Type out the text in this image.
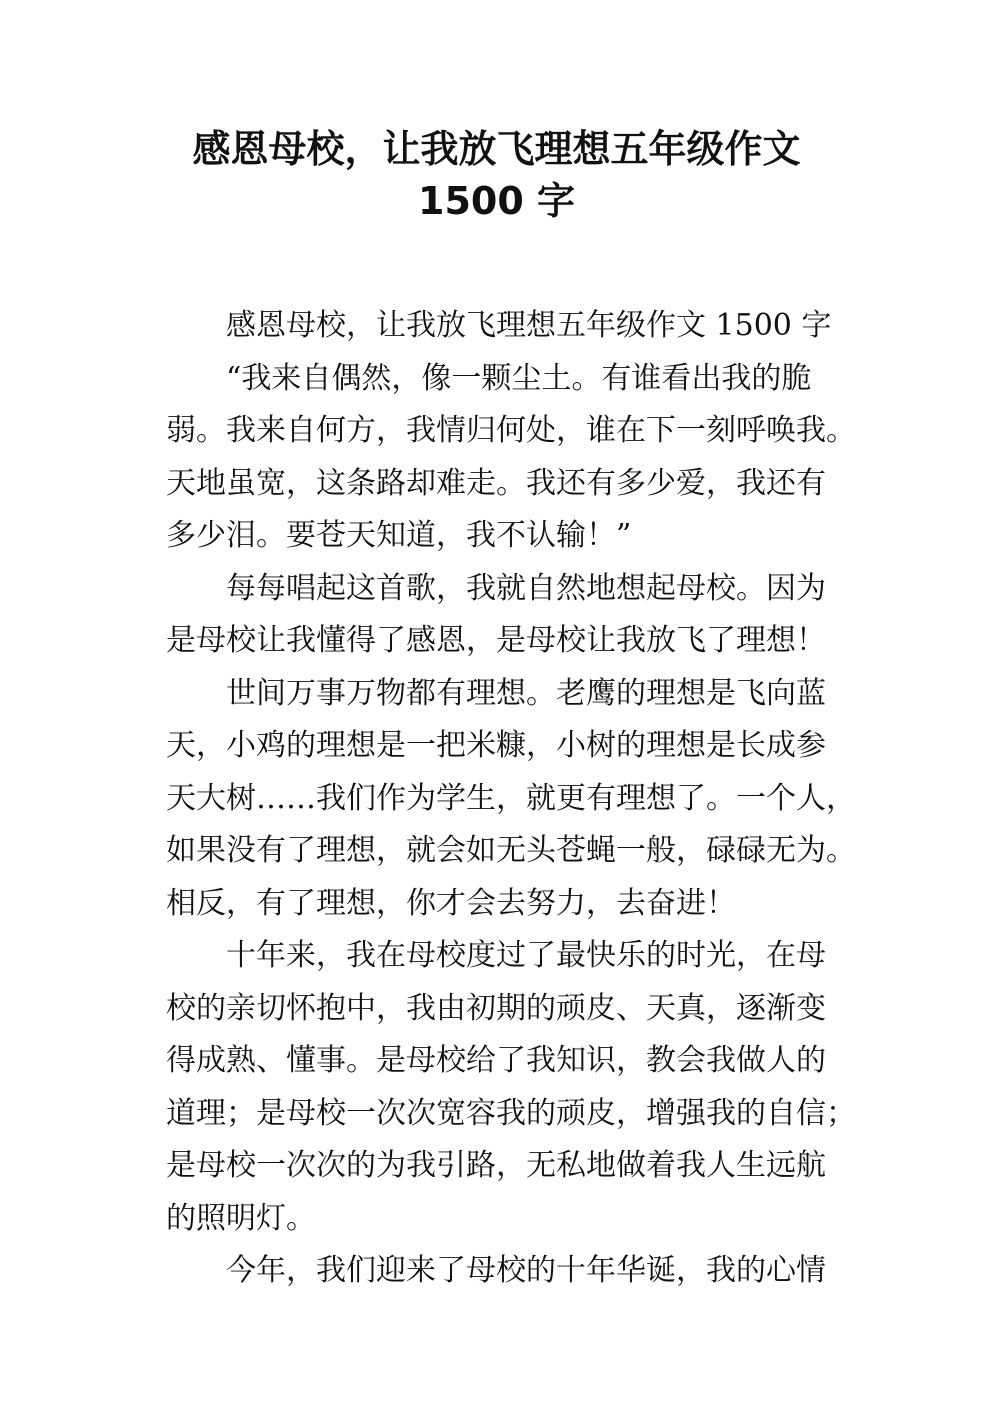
感恩母校，让我放飞理想五年级作文
1500 字
感恩母校，让我放飞理想五年级作文 1500 字
“我来自偶然，像一颗尘土。有谁看出我的脆
弱。我来自何方，我情归何处，谁在下一刻呼唤我。
天地虽宽，这条路却难走。我还有多少爱，我还有
多少泪。要苍天知道，我不认输！”
每每唱起这首歌，我就自然地想起母校。因为
是母校让我懂得了感恩，是母校让我放飞了理想！
世间万事万物都有理想。老鹰的理想是飞向蓝
天，小鸡的理想是一把米糠，小树的理想是长成参
天大树……我们作为学生，就更有理想了。一个人，
如果没有了理想，就会如无头苍蝇一般，碌碌无为。
相反，有了理想，你才会去努力，去奋进！
十年来，我在母校度过了最快乐的时光，在母
校的亲切怀抱中，我由初期的顽皮、天真，逐渐变
得成熟、懂事。是母校给了我知识，教会我做人的
道理；是母校一次次宽容我的顽皮，增强我的自信；
是母校一次次的为我引路，无私地做着我人生远航
的照明灯。
今年，我们迎来了母校的十年华诞，我的心情
